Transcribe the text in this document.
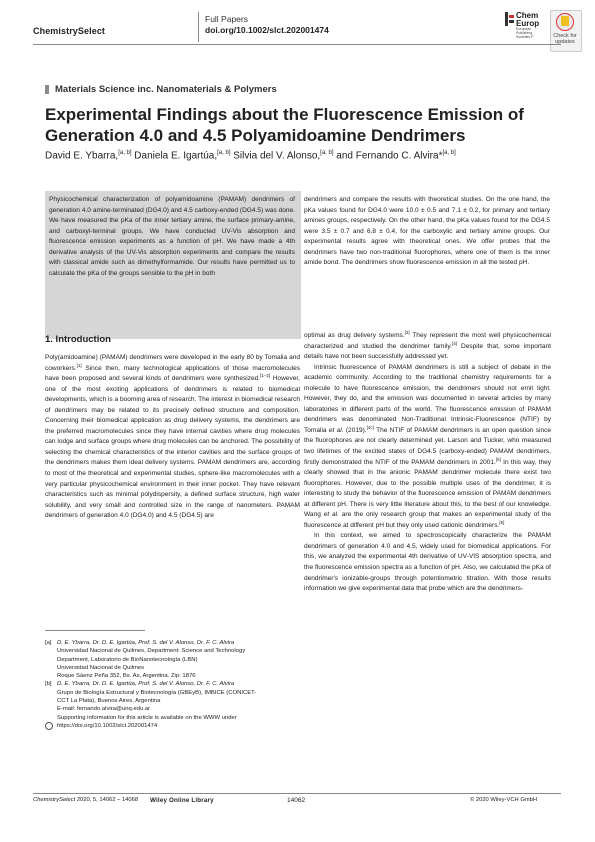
ChemistrySelect
Full Papers
doi.org/10.1002/slct.202001474
Chem
Europ
European
Publishing
Societies P	Check for updates
Materials Science inc. Nanomaterials & Polymers
Experimental Findings about the Fluorescence Emission of Generation 4.0 and 4.5 Polyamidoamine Dendrimers
David E. Ybarra,[a, b] Daniela E. Igartúa,[a, b] Silvia del V. Alonso,[a, b] and Fernando C. Alvira*[a, b]
Physicochemical characterization of polyamidoamine (PAMAM) dendrimers of generation 4.0 amine-terminated (DG4.0) and 4.5 carboxy-ended (DG4.5) was done. We have measured the pKa of the inner tertiary amine, the surface primary-amine, and carboxyl-terminal groups. We have conducted UV-Vis absorption and fluorescence emission experiments as a function of pH. We have made a 4th derivative analysis of the UV-Vis absorption experiments and compare the results with classical amide such as dimethylformamide. Our results have permitted us to calculate the pKa of the groups sensible to the pH in both
dendrimers and compare the results with theoretical studies. On the one hand, the pKa values found for DG4.0 were 10.0 ± 0.5 and 7.1 ± 0.2, for primary and tertiary amines groups, respectively. On the other hand, the pKa values found for the DG4.5 were 3.5 ± 0.7 and 6.8 ± 0.4, for the carboxylic and tertiary amine groups. Our experimental results agree with theoretical ones. We offer probes that the dendrimers have two non-traditional fluorophores, where one of them is the inner amide bond. The dendrimers show fluorescence emission in all the tested pH.
1. Introduction

Poly(amidoamine) (PAMAM) dendrimers were developed in the early 80 by Tomalia and coworkers.[1] Since then, many technological applications of those macromolecules have been proposed and several kinds of dendrimers were synthesized.[1–2] However, one of the most exciting applications of dendrimers is related to biomedical developments, which is a booming area of research. The interest in biomedical research of dendrimers may be related to its precisely defined structure and composition. Concerning their biomedical application as drug delivery systems, the dendrimers are the preferred macromolecules since they have internal cavities where drug molecules can lodge and surface groups where drug molecules can be anchored. The possibility of selecting the chemical characteristics of the interior cavities and the surface groups of the dendrimers makes them ideal delivery systems. PAMAM dendrimers are, according to most of the theoretical and experimental studies, sphere-like macromolecules with a very particular physicochemical environment in their inner pocket. They have relevant characteristics such as minimal polydispersity, a defined surface structure, high water solubility, and very small and controlled size in the range of nanometers. PAMAM dendrimers of generation 4.0 (DG4.0) and 4.5 (DG4.5) are

optimal as drug delivery systems.[3] They represent the most well physicochemical characterized and studied the dendrimer family.[4] Despite that, some important details have not been successfully addressed yet.

Intrinsic fluorescence of PAMAM dendrimers is still a subject of debate in the academic community. According to the traditional chemistry requirements for a molecule to have fluorescence emission, the dendrimers should not emit light. However, they do, and the emission was documented in several articles by many laboratories in different parts of the world. The fluorescence emission of PAMAM dendrimers was denominated Non-Traditional Intrinsic-Fluorescence (NTIF) by Tomalia et al. (2019).[4c] The NTIF of PAMAM dendrimers is an open question since the fluorophores are not clearly determined yet. Larson and Tucker, who measured two lifetimes of the excited states of DG4.5 (carboxy-ended) PAMAM dendrimers, firstly demonstrated the NTIF of the PAMAM dendrimers in 2001.[5] In this way, they clearly showed that in the anionic PAMAM dendrimer molecule there exist two fluorophores. However, due to the possible multiple uses of the dendrimer, it is interesting to study the behavior of the fluorescence emission of PAMAM dendrimers at different pH. There is very little literature about this, to the best of our knowledge. Wang et al. are the only research group that makes an experimental study of the fluorescence at different pH but they only used cationic dendrimers.[6]

In this context, we aimed to spectroscopically characterize the PAMAM dendrimers of generation 4.0 and 4.5, widely used for biomedical applications. For this, we analyzed the experimental 4th derivative of UV-VIS absorption spectra, and the fluorescence emission spectra as a function of pH. Also, we calculated the pKa of dendrimer's ionizable-groups through potentiometric titration. With those results information we give experimental data that probe which are the dendrimers-

[a] D. E. Ybarra, Dr. D. E. Igartúa, Prof. S. del V. Alonso, Dr. F. C. Alvira
Universidad Nacional de Quilmes, Department: Science and Technology
Department, Laboratorio de BioNanotecnología (LBN)
Universidad Nacional de Quilmes
Roque Sáenz Peña 352, Bs. As, Argentina. Zip: 1876
[b] D. E. Ybarra, Dr. D. E. Igartúa, Prof. S. del V. Alonso, Dr. F. C. Alvira
Grupo de Biología Estructural y Biotecnología (GBEyB), IMBICE (CONICET-
CCT La Plata), Buenos Aires, Argentina
E-mail: fernando.alvira@unq.edu.ar
Supporting information for this article is available on the WWW under
https://doi.org/10.1002/slct.202001474
ChemistrySelect 2020, 5, 14062 – 14068 Wiley Online Library	14062	© 2020 Wiley-VCH GmbH
